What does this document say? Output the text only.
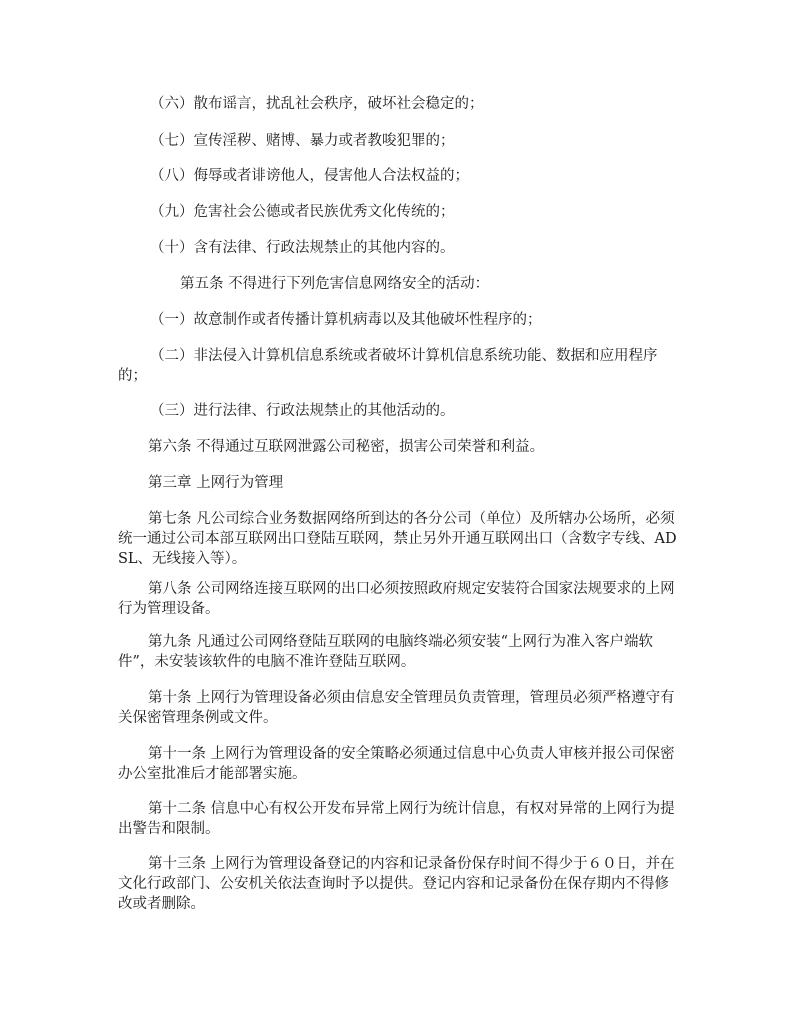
（六）散布谣言，扰乱社会秩序，破坏社会稳定的；

（七）宣传淫秽、赌博、暴力或者教唆犯罪的；

（八）侮辱或者诽谤他人，侵害他人合法权益的；

（九）危害社会公德或者民族优秀文化传统的；

（十）含有法律、行政法规禁止的其他内容的。

第五条 不得进行下列危害信息网络安全的活动：

（一）故意制作或者传播计算机病毒以及其他破坏性程序的；

（二）非法侵入计算机信息系统或者破坏计算机信息系统功能、数据和应用程序的；

（三）进行法律、行政法规禁止的其他活动的。

第六条 不得通过互联网泄露公司秘密，损害公司荣誉和利益。

第三章 上网行为管理

第七条 凡公司综合业务数据网络所到达的各分公司（单位）及所辖办公场所，必须统一通过公司本部互联网出口登陆互联网，禁止另外开通互联网出口（含数字专线、ADSL、无线接入等）。

第八条 公司网络连接互联网的出口必须按照政府规定安装符合国家法规要求的上网行为管理设备。

第九条 凡通过公司网络登陆互联网的电脑终端必须安装“上网行为准入客户端软件”，未安装该软件的电脑不准许登陆互联网。

第十条 上网行为管理设备必须由信息安全管理员负责管理，管理员必须严格遵守有关保密管理条例或文件。

第十一条 上网行为管理设备的安全策略必须通过信息中心负责人审核并报公司保密办公室批准后才能部署实施。

第十二条 信息中心有权公开发布异常上网行为统计信息，有权对异常的上网行为提出警告和限制。

第十三条 上网行为管理设备登记的内容和记录备份保存时间不得少于６０日，并在文化行政部门、公安机关依法查询时予以提供。登记内容和记录备份在保存期内不得修改或者删除。
